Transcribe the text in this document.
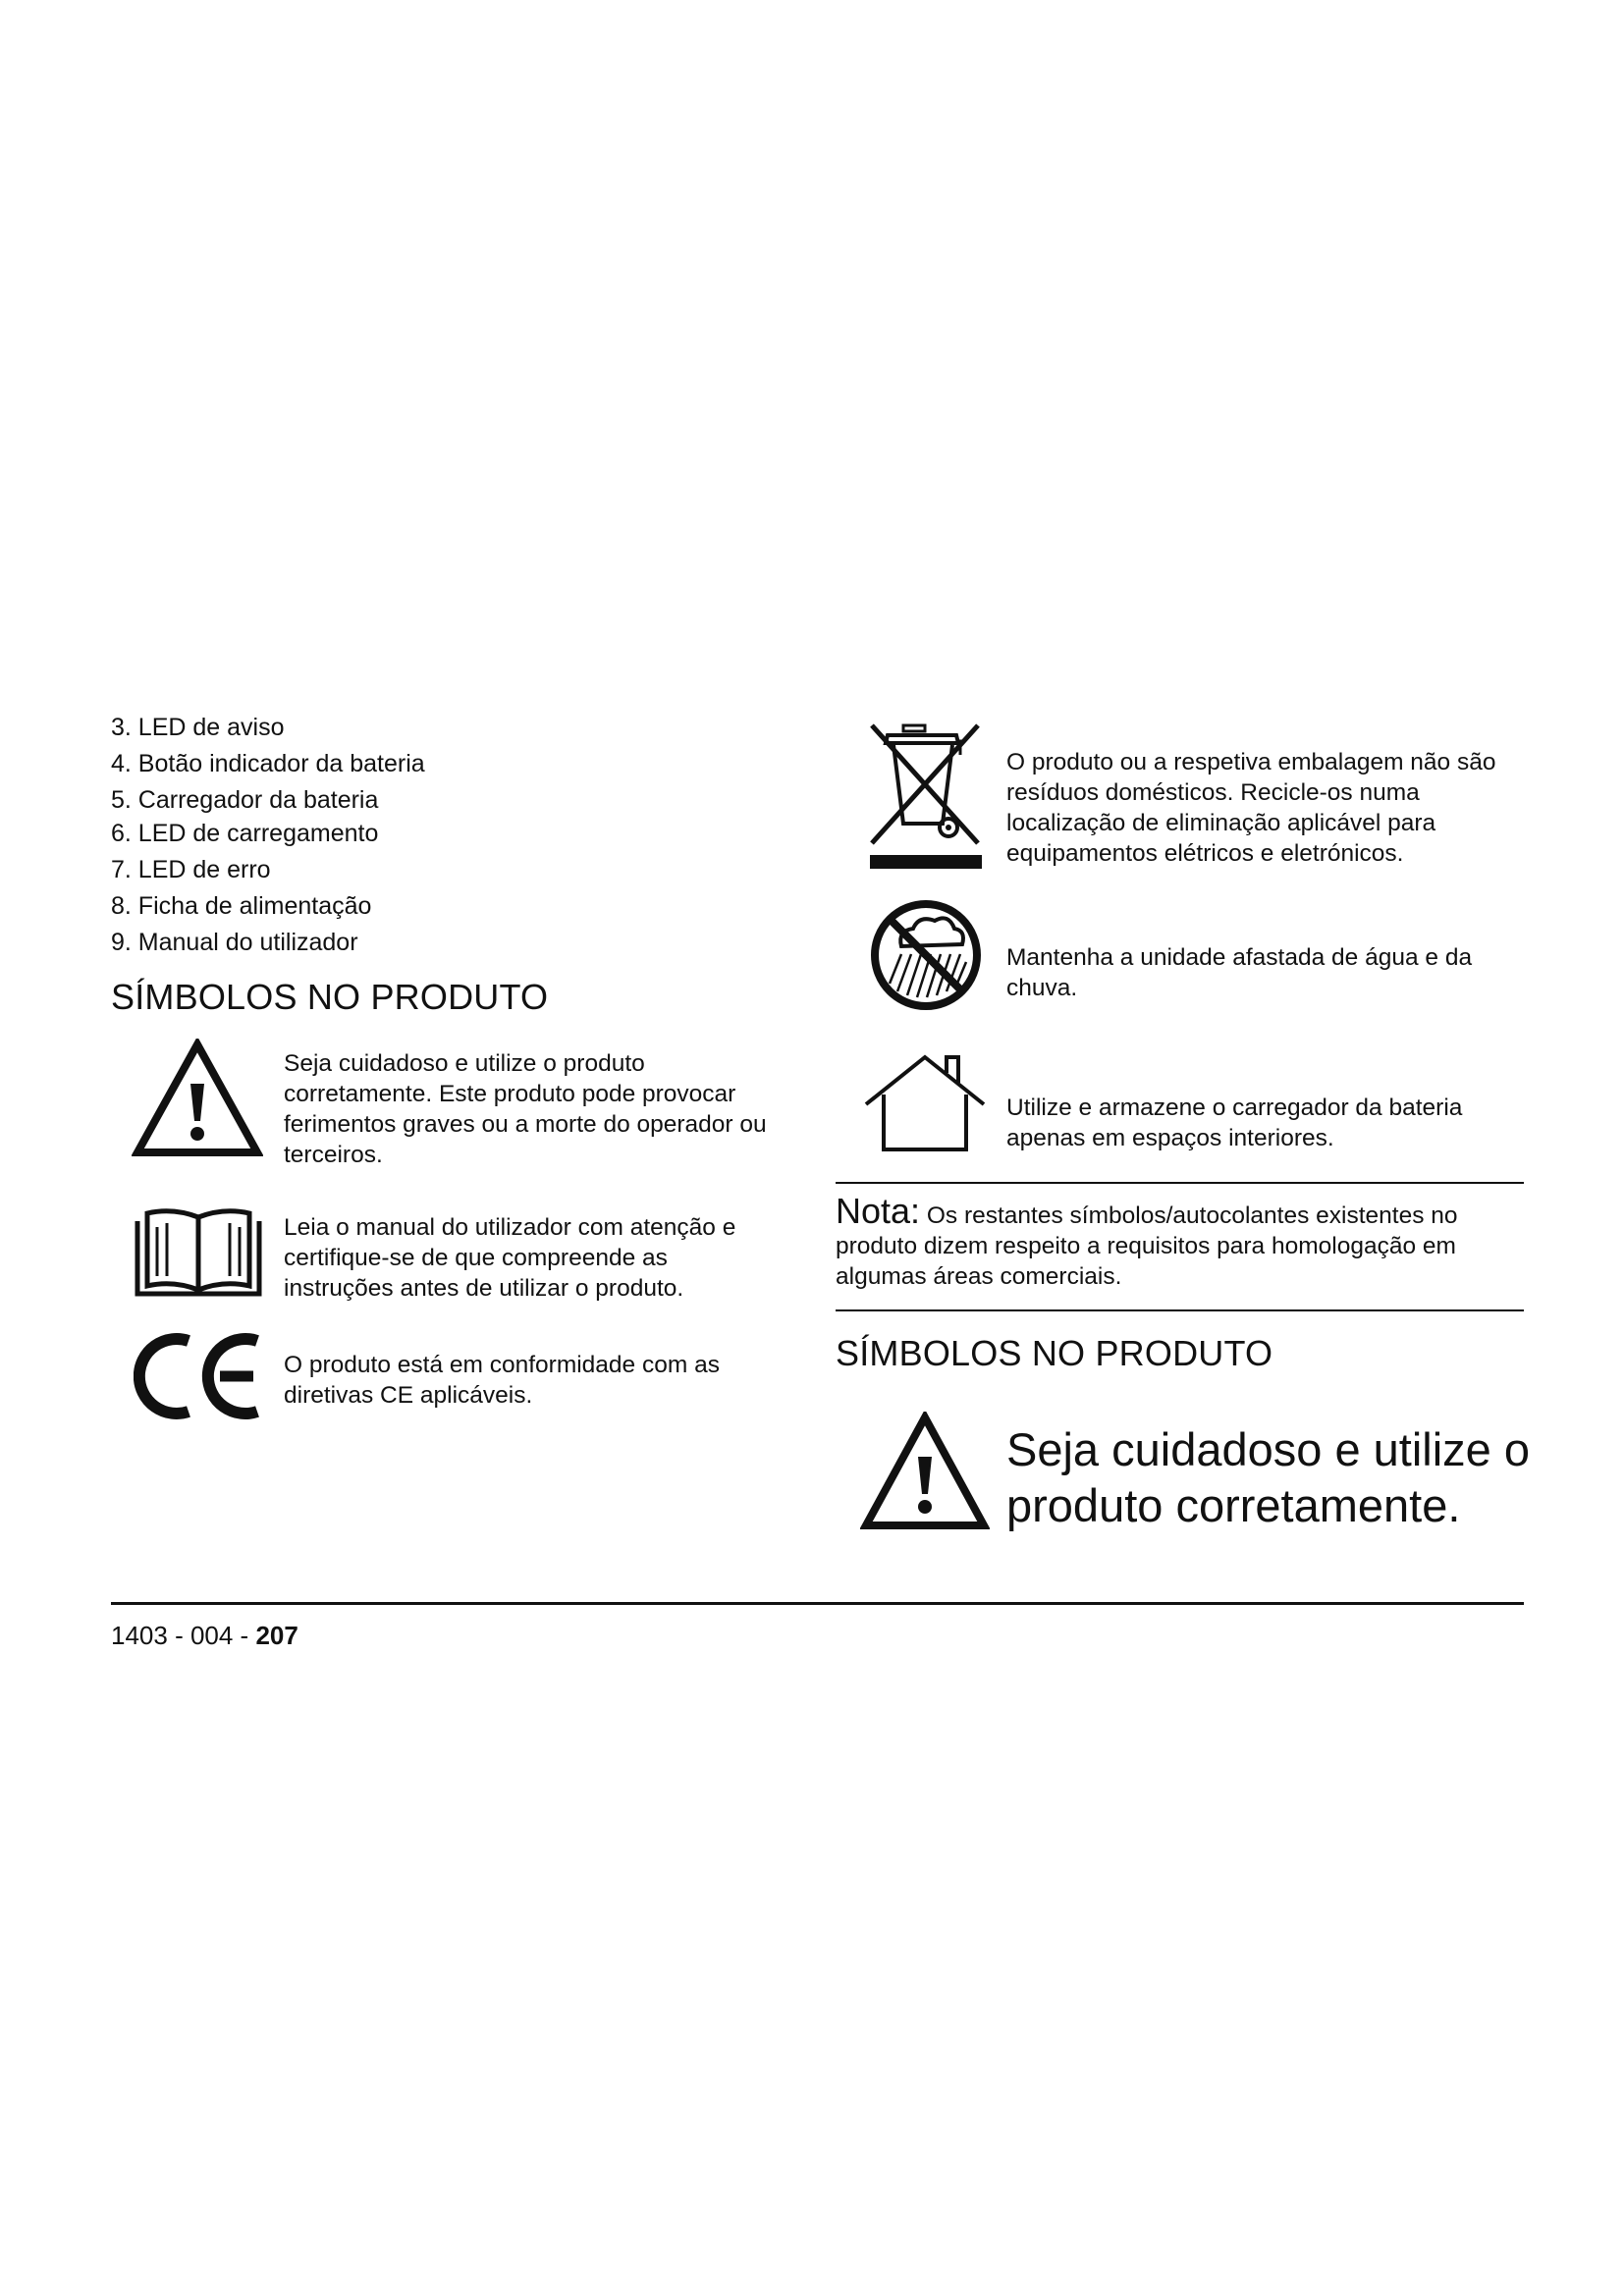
3. LED de aviso
4. Botão indicador da bateria
5. Carregador da bateria
6. LED de carregamento
7. LED de erro
8. Ficha de alimentação
9. Manual do utilizador
SÍMBOLOS NO PRODUTO
Seja cuidadoso e utilize o produto corretamente. Este produto pode provocar ferimentos graves ou a morte do operador ou terceiros.
Leia o manual do utilizador com atenção e certifique-se de que compreende as instruções antes de utilizar o produto.
O produto está em conformidade com as diretivas CE aplicáveis.
O produto ou a respetiva embalagem não são resíduos domésticos. Recicle-os numa localização de eliminação aplicável para equipamentos elétricos e eletrónicos.
Mantenha a unidade afastada de água e da chuva.
Utilize e armazene o carregador da bateria apenas em espaços interiores.
Nota: Os restantes símbolos/autocolantes existentes no produto dizem respeito a requisitos para homologação em algumas áreas comerciais.
SÍMBOLOS NO PRODUTO
Seja cuidadoso e utilize o produto corretamente.
1403 - 004 - 207
